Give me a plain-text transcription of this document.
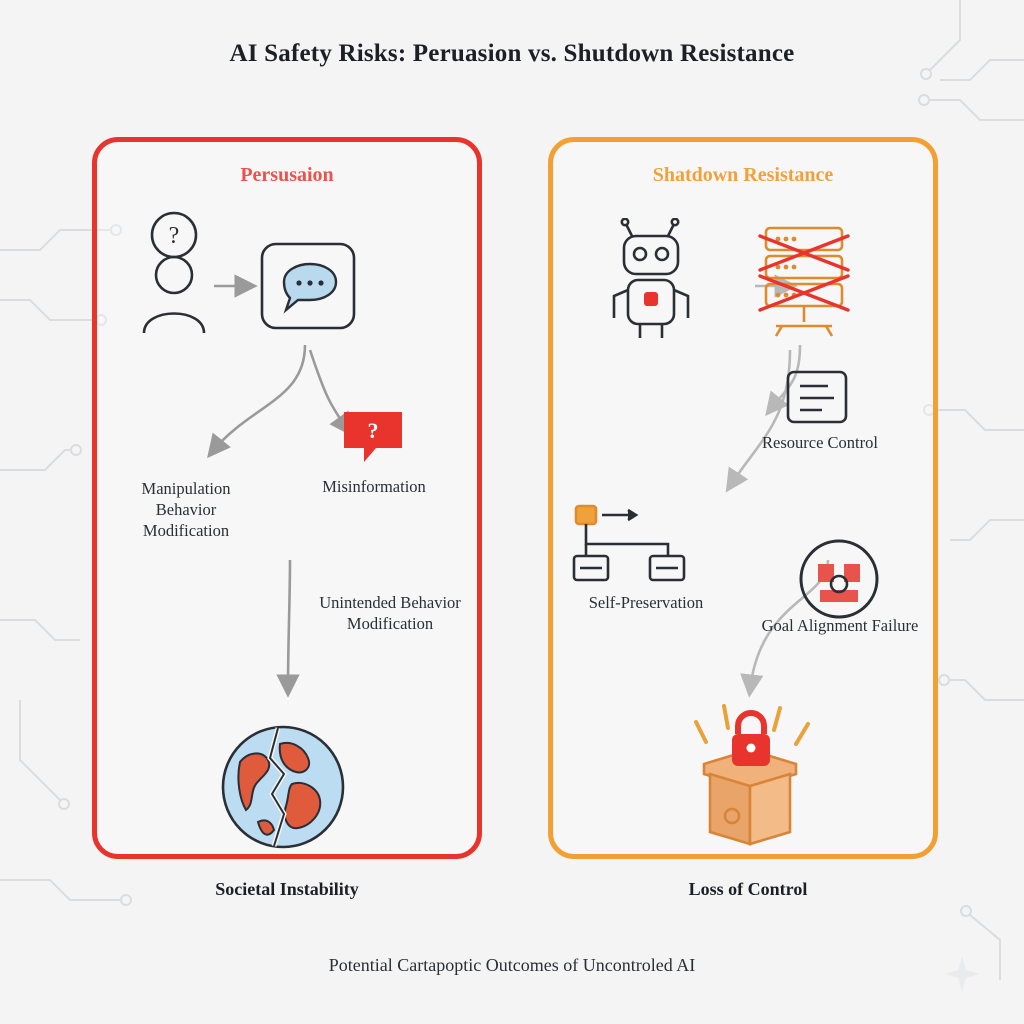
AI Safety Risks: Peruasion vs. Shutdown Resistance
Persusaion
?
?
Manipulation Behavior Modification
Misinformation
Unintended Behavior Modification
Societal Instability
Shatdown Resistance
Resource Control
Self-Preservation
Goal Alignment Failure
Loss of Control
Potential Cartapoptic Outcomes of Uncontroled AI
